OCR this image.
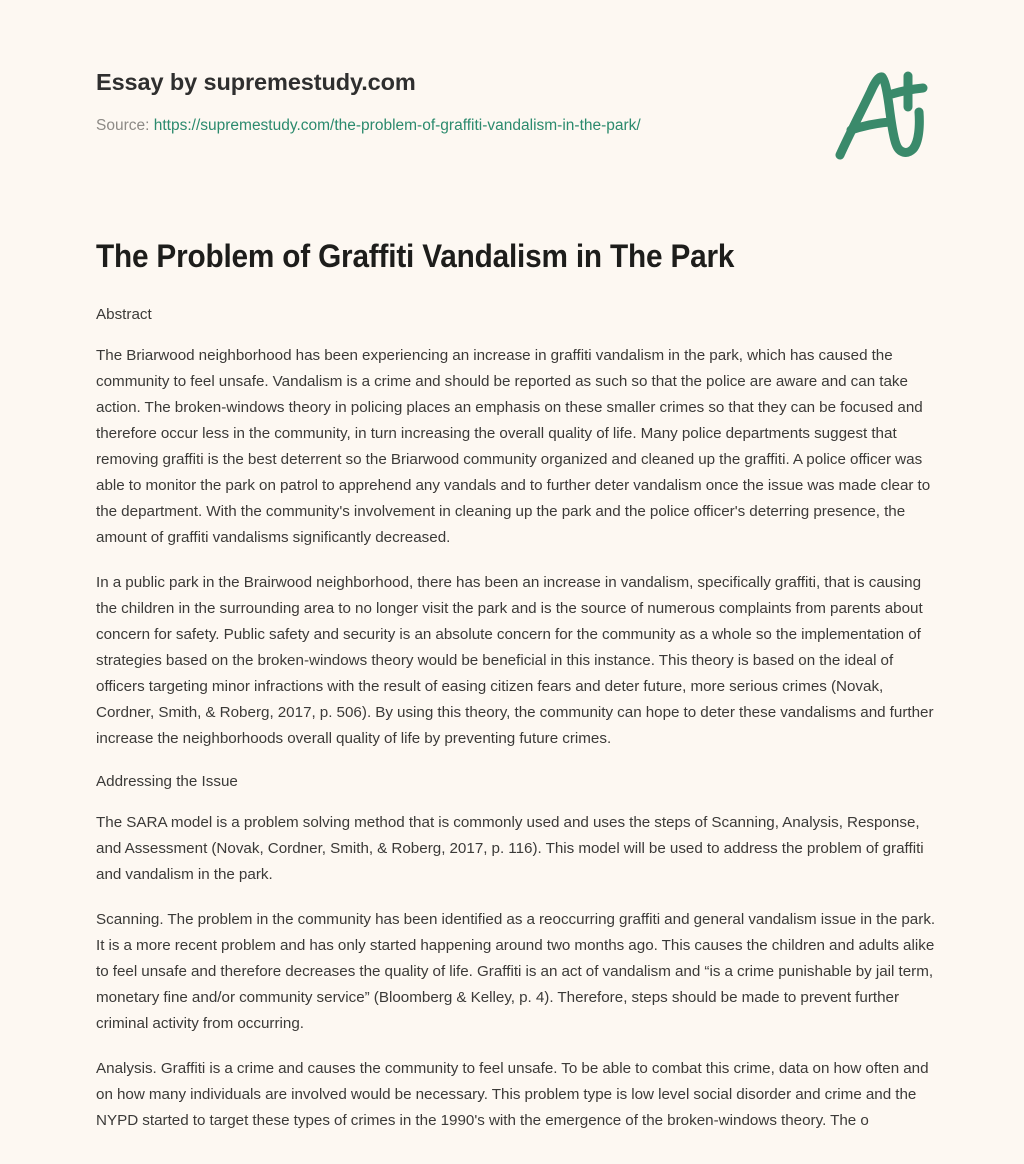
Essay by supremestudy.com
Source: https://supremestudy.com/the-problem-of-graffiti-vandalism-in-the-park/
The Problem of Graffiti Vandalism in The Park
Abstract

The Briarwood neighborhood has been experiencing an increase in graffiti vandalism in the park, which has caused the community to feel unsafe. Vandalism is a crime and should be reported as such so that the police are aware and can take action. The broken-windows theory in policing places an emphasis on these smaller crimes so that they can be focused and therefore occur less in the community, in turn increasing the overall quality of life. Many police departments suggest that removing graffiti is the best deterrent so the Briarwood community organized and cleaned up the graffiti. A police officer was able to monitor the park on patrol to apprehend any vandals and to further deter vandalism once the issue was made clear to the department. With the community's involvement in cleaning up the park and the police officer's deterring presence, the amount of graffiti vandalisms significantly decreased.

In a public park in the Brairwood neighborhood, there has been an increase in vandalism, specifically graffiti, that is causing the children in the surrounding area to no longer visit the park and is the source of numerous complaints from parents about concern for safety. Public safety and security is an absolute concern for the community as a whole so the implementation of strategies based on the broken-windows theory would be beneficial in this instance. This theory is based on the ideal of officers targeting minor infractions with the result of easing citizen fears and deter future, more serious crimes (Novak, Cordner, Smith, & Roberg, 2017, p. 506). By using this theory, the community can hope to deter these vandalisms and further increase the neighborhoods overall quality of life by preventing future crimes.

Addressing the Issue

The SARA model is a problem solving method that is commonly used and uses the steps of Scanning, Analysis, Response, and Assessment (Novak, Cordner, Smith, & Roberg, 2017, p. 116). This model will be used to address the problem of graffiti and vandalism in the park.

Scanning. The problem in the community has been identified as a reoccurring graffiti and general vandalism issue in the park. It is a more recent problem and has only started happening around two months ago. This causes the children and adults alike to feel unsafe and therefore decreases the quality of life. Graffiti is an act of vandalism and “is a crime punishable by jail term, monetary fine and/or community service” (Bloomberg & Kelley, p. 4). Therefore, steps should be made to prevent further criminal activity from occurring.

Analysis. Graffiti is a crime and causes the community to feel unsafe. To be able to combat this crime, data on how often and on how many individuals are involved would be necessary. This problem type is low level social disorder and crime and the NYPD started to target these types of crimes in the 1990's with the emergence of the broken-windows theory. The o
